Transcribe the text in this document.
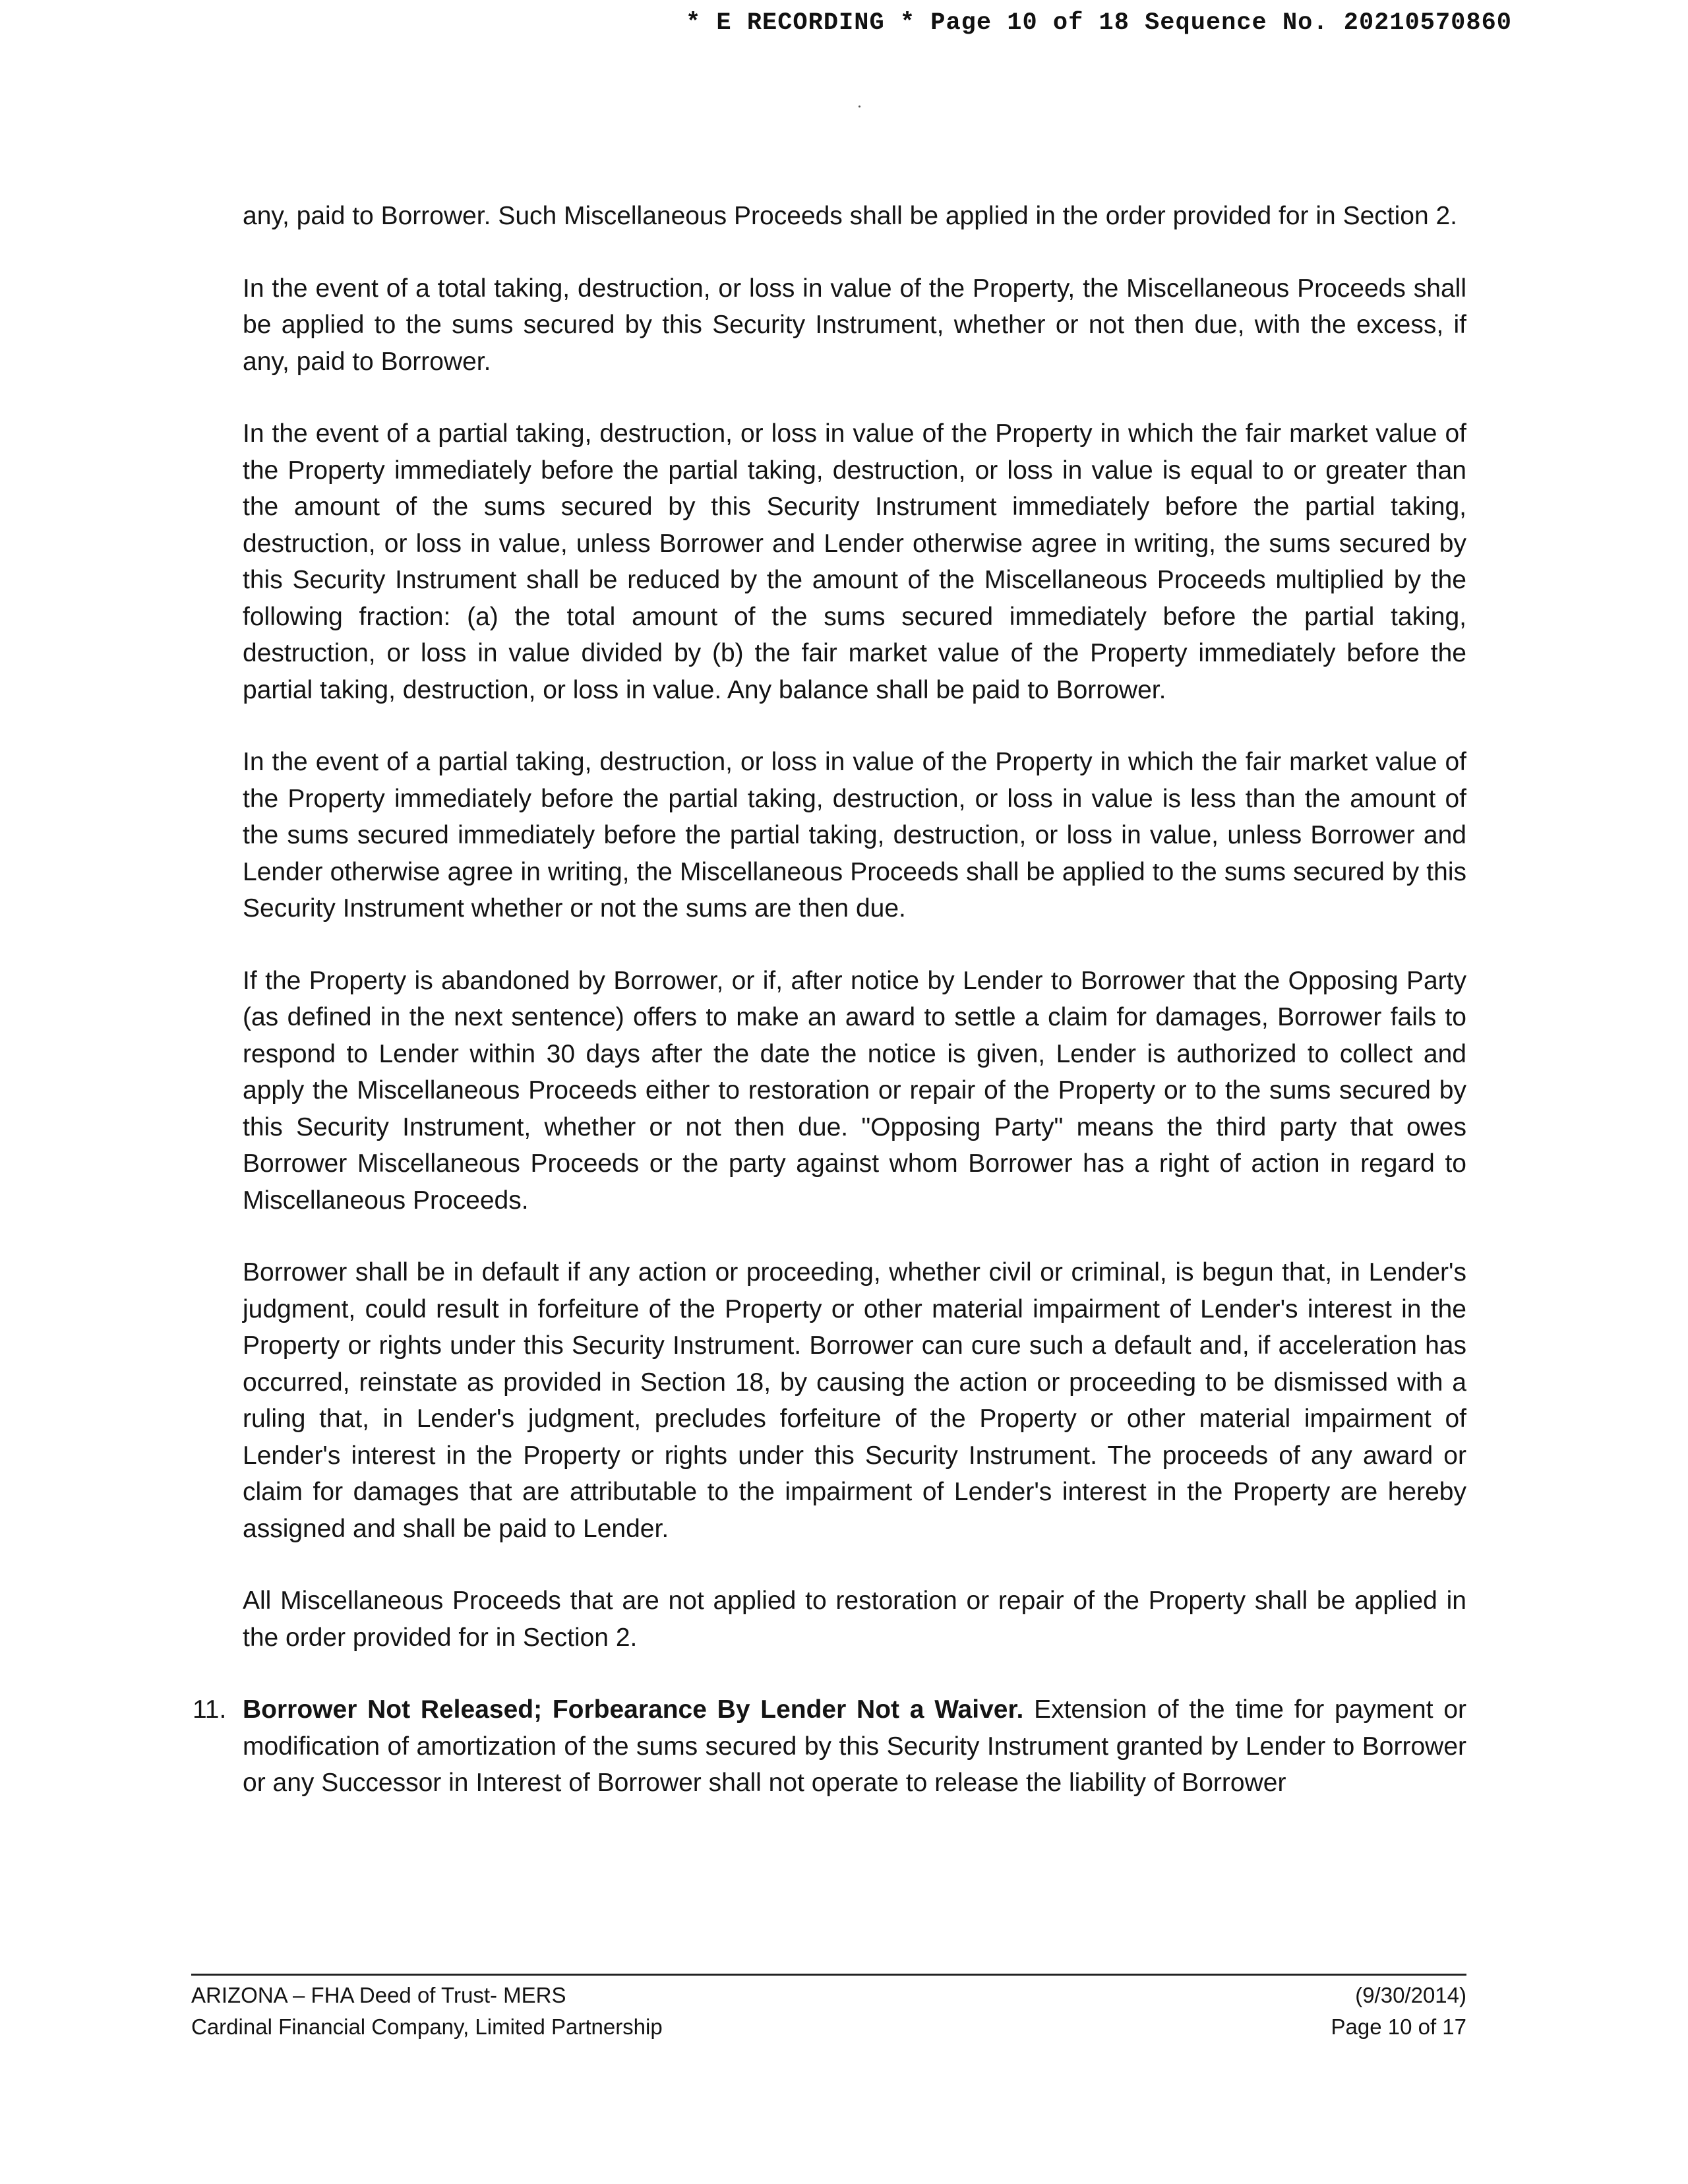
* E RECORDING * Page 10 of 18 Sequence No. 20210570860

any, paid to Borrower. Such Miscellaneous Proceeds shall be applied in the order provided for in Section 2.

In the event of a total taking, destruction, or loss in value of the Property, the Miscellaneous Proceeds shall be applied to the sums secured by this Security Instrument, whether or not then due, with the excess, if any, paid to Borrower.

In the event of a partial taking, destruction, or loss in value of the Property in which the fair market value of the Property immediately before the partial taking, destruction, or loss in value is equal to or greater than the amount of the sums secured by this Security Instrument immediately before the partial taking, destruction, or loss in value, unless Borrower and Lender otherwise agree in writing, the sums secured by this Security Instrument shall be reduced by the amount of the Miscellaneous Proceeds multiplied by the following fraction: (a) the total amount of the sums secured immediately before the partial taking, destruction, or loss in value divided by (b) the fair market value of the Property immediately before the partial taking, destruction, or loss in value. Any balance shall be paid to Borrower.

In the event of a partial taking, destruction, or loss in value of the Property in which the fair market value of the Property immediately before the partial taking, destruction, or loss in value is less than the amount of the sums secured immediately before the partial taking, destruction, or loss in value, unless Borrower and Lender otherwise agree in writing, the Miscellaneous Proceeds shall be applied to the sums secured by this Security Instrument whether or not the sums are then due.

If the Property is abandoned by Borrower, or if, after notice by Lender to Borrower that the Opposing Party (as defined in the next sentence) offers to make an award to settle a claim for damages, Borrower fails to respond to Lender within 30 days after the date the notice is given, Lender is authorized to collect and apply the Miscellaneous Proceeds either to restoration or repair of the Property or to the sums secured by this Security Instrument, whether or not then due. "Opposing Party" means the third party that owes Borrower Miscellaneous Proceeds or the party against whom Borrower has a right of action in regard to Miscellaneous Proceeds.

Borrower shall be in default if any action or proceeding, whether civil or criminal, is begun that, in Lender's judgment, could result in forfeiture of the Property or other material impairment of Lender's interest in the Property or rights under this Security Instrument. Borrower can cure such a default and, if acceleration has occurred, reinstate as provided in Section 18, by causing the action or proceeding to be dismissed with a ruling that, in Lender's judgment, precludes forfeiture of the Property or other material impairment of Lender's interest in the Property or rights under this Security Instrument. The proceeds of any award or claim for damages that are attributable to the impairment of Lender's interest in the Property are hereby assigned and shall be paid to Lender.

All Miscellaneous Proceeds that are not applied to restoration or repair of the Property shall be applied in the order provided for in Section 2.

11. Borrower Not Released; Forbearance By Lender Not a Waiver. Extension of the time for payment or modification of amortization of the sums secured by this Security Instrument granted by Lender to Borrower or any Successor in Interest of Borrower shall not operate to release the liability of Borrower

ARIZONA – FHA Deed of Trust- MERS	(9/30/2014)
Cardinal Financial Company, Limited Partnership	Page 10 of 17
